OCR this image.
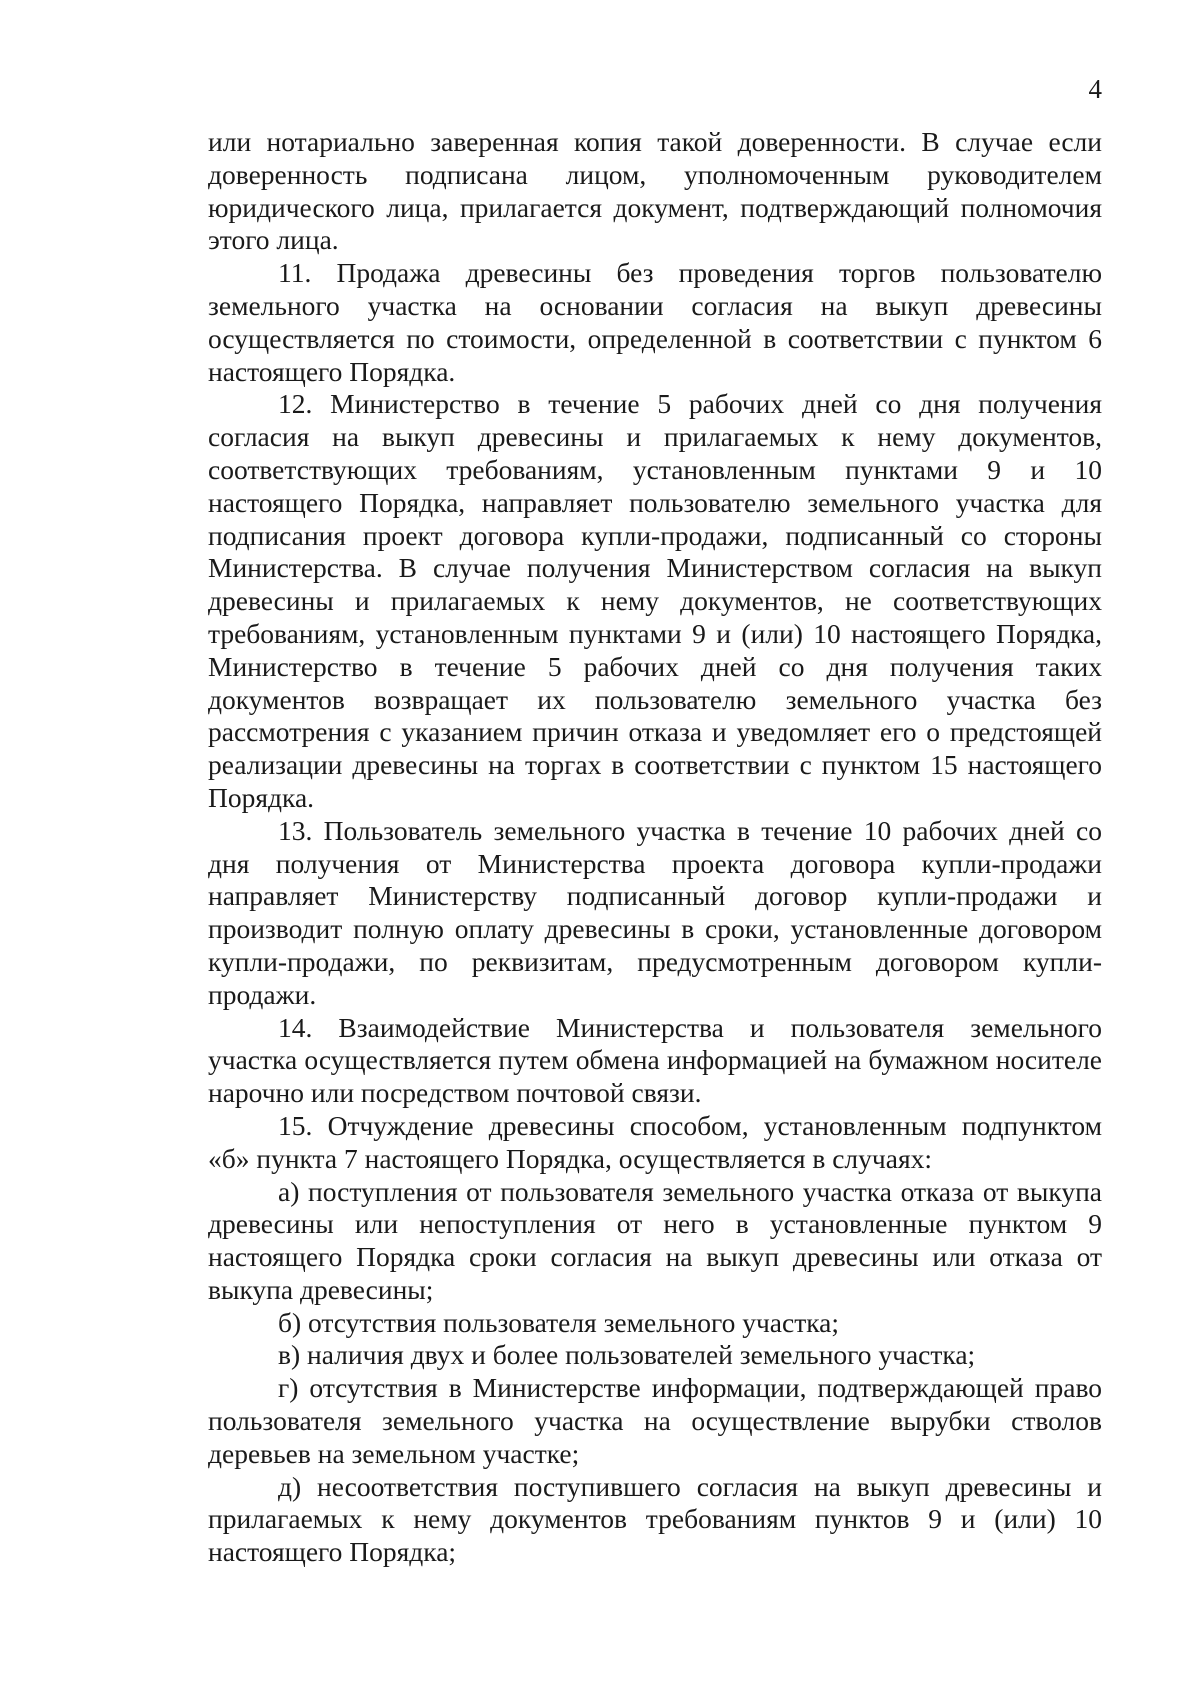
4

или нотариально заверенная копия такой доверенности. В случае если доверенность подписана лицом, уполномоченным руководителем юридического лица, прилагается документ, подтверждающий полномочия этого лица.

11. Продажа древесины без проведения торгов пользователю земельного участка на основании согласия на выкуп древесины осуществляется по стоимости, определенной в соответствии с пунктом 6 настоящего Порядка.

12. Министерство в течение 5 рабочих дней со дня получения согласия на выкуп древесины и прилагаемых к нему документов, соответствующих требованиям, установленным пунктами 9 и 10 настоящего Порядка, направляет пользователю земельного участка для подписания проект договора купли-продажи, подписанный со стороны Министерства. В случае получения Министерством согласия на выкуп древесины и прилагаемых к нему документов, не соответствующих требованиям, установленным пунктами 9 и (или) 10 настоящего Порядка, Министерство в течение 5 рабочих дней со дня получения таких документов возвращает их пользователю земельного участка без рассмотрения с указанием причин отказа и уведомляет его о предстоящей реализации древесины на торгах в соответствии с пунктом 15 настоящего Порядка.

13. Пользователь земельного участка в течение 10 рабочих дней со дня получения от Министерства проекта договора купли-продажи направляет Министерству подписанный договор купли-продажи и производит полную оплату древесины в сроки, установленные договором купли-продажи, по реквизитам, предусмотренным договором купли-продажи.

14. Взаимодействие Министерства и пользователя земельного участка осуществляется путем обмена информацией на бумажном носителе нарочно или посредством почтовой связи.

15. Отчуждение древесины способом, установленным подпунктом «б» пункта 7 настоящего Порядка, осуществляется в случаях:

а) поступления от пользователя земельного участка отказа от выкупа древесины или непоступления от него в установленные пунктом 9 настоящего Порядка сроки согласия на выкуп древесины или отказа от выкупа древесины;

б) отсутствия пользователя земельного участка;

в) наличия двух и более пользователей земельного участка;

г) отсутствия в Министерстве информации, подтверждающей право пользователя земельного участка на осуществление вырубки стволов деревьев на земельном участке;

д) несоответствия поступившего согласия на выкуп древесины и прилагаемых к нему документов требованиям пунктов 9 и (или) 10 настоящего Порядка;
